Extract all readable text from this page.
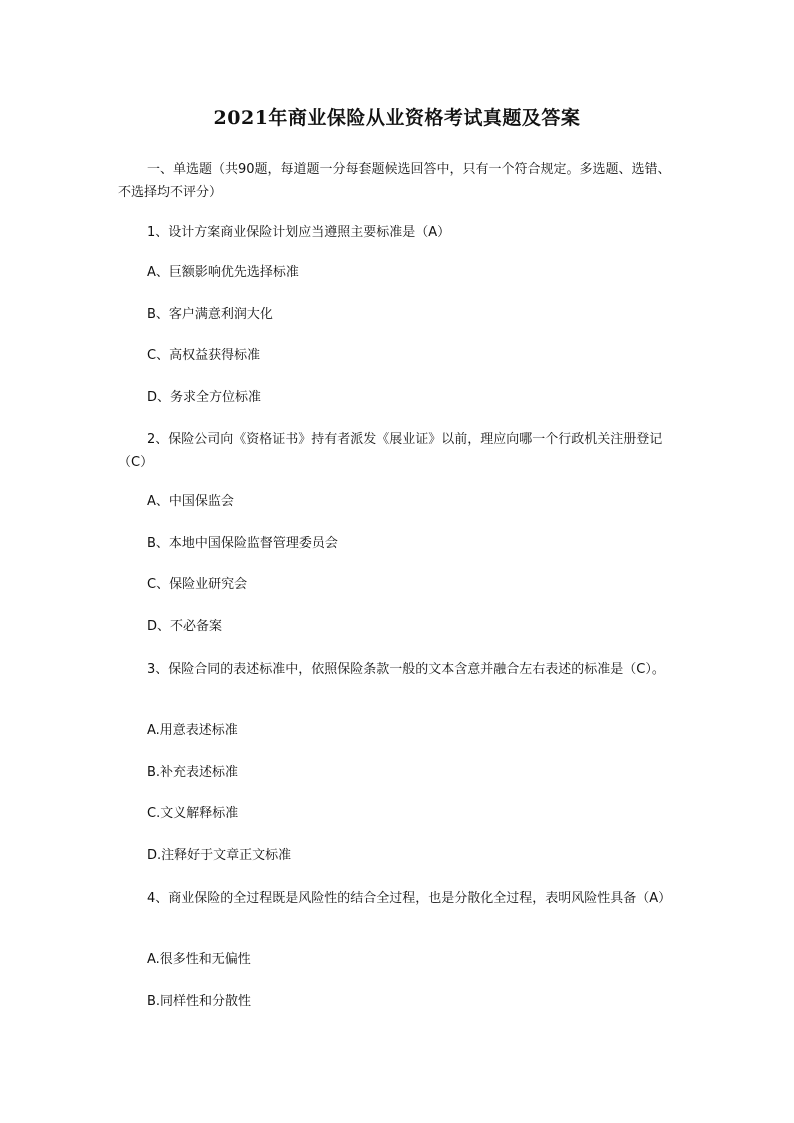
2021年商业保险从业资格考试真题及答案

一、单选题（共90题，每道题一分每套题候选回答中，只有一个符合规定。多选题、选错、不选择均不评分）

1、设计方案商业保险计划应当遵照主要标准是（A）

A、巨额影响优先选择标准

B、客户满意利润大化

C、高权益获得标准

D、务求全方位标准

2、保险公司向《资格证书》持有者派发《展业证》以前，理应向哪一个行政机关注册登记（C）

A、中国保监会

B、本地中国保险监督管理委员会

C、保险业研究会

D、不必备案

3、保险合同的表述标准中，依照保险条款一般的文本含意并融合左右表述的标准是（C）。

A.用意表述标准

B.补充表述标准

C.文义解释标准

D.注释好于文章正文标准

4、商业保险的全过程既是风险性的结合全过程，也是分散化全过程，表明风险性具备（A）

A.很多性和无偏性

B.同样性和分散性
